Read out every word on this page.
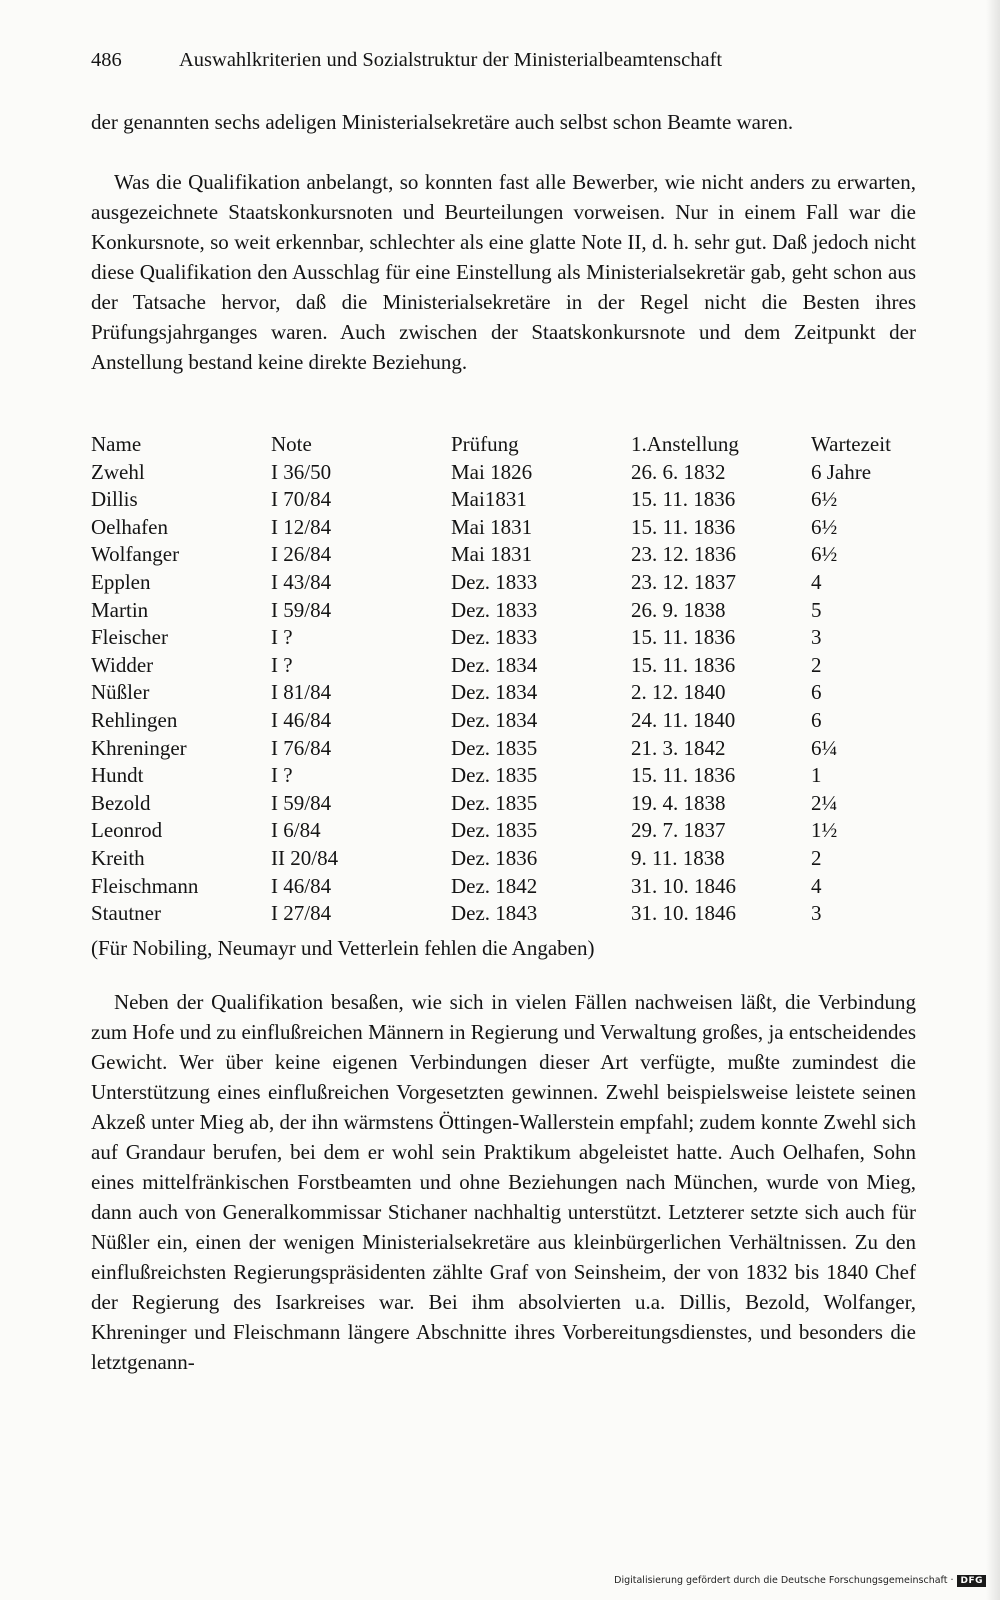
486	Auswahlkriterien und Sozialstruktur der Ministerialbeamtenschaft

der genannten sechs adeligen Ministerialsekretäre auch selbst schon Beamte waren.

Was die Qualifikation anbelangt, so konnten fast alle Bewerber, wie nicht anders zu erwarten, ausgezeichnete Staatskonkursnoten und Beurteilungen vorweisen. Nur in einem Fall war die Konkursnote, so weit erkennbar, schlechter als eine glatte Note II, d. h. sehr gut. Daß jedoch nicht diese Qualifikation den Ausschlag für eine Einstellung als Ministerialsekretär gab, geht schon aus der Tatsache hervor, daß die Ministerialsekretäre in der Regel nicht die Besten ihres Prüfungsjahrganges waren. Auch zwischen der Staatskonkursnote und dem Zeitpunkt der Anstellung bestand keine direkte Beziehung.

Name	Note	Prüfung	1.Anstellung	Wartezeit
Zwehl	I 36/50	Mai 1826	26. 6. 1832	6 Jahre
Dillis	I 70/84	Mai1831	15. 11. 1836	6½
Oelhafen	I 12/84	Mai 1831	15. 11. 1836	6½
Wolfanger	I 26/84	Mai 1831	23. 12. 1836	6½
Epplen	I 43/84	Dez. 1833	23. 12. 1837	4
Martin	I 59/84	Dez. 1833	26. 9. 1838	5
Fleischer	I ?	Dez. 1833	15. 11. 1836	3
Widder	I ?	Dez. 1834	15. 11. 1836	2
Nüßler	I 81/84	Dez. 1834	2. 12. 1840	6
Rehlingen	I 46/84	Dez. 1834	24. 11. 1840	6
Khreninger	I 76/84	Dez. 1835	21. 3. 1842	6¼
Hundt	I ?	Dez. 1835	15. 11. 1836	1
Bezold	I 59/84	Dez. 1835	19. 4. 1838	2¼
Leonrod	I 6/84	Dez. 1835	29. 7. 1837	1½
Kreith	II 20/84	Dez. 1836	9. 11. 1838	2
Fleischmann	I 46/84	Dez. 1842	31. 10. 1846	4
Stautner	I 27/84	Dez. 1843	31. 10. 1846	3
(Für Nobiling, Neumayr und Vetterlein fehlen die Angaben)

Neben der Qualifikation besaßen, wie sich in vielen Fällen nachweisen läßt, die Verbindung zum Hofe und zu einflußreichen Männern in Regierung und Verwaltung großes, ja entscheidendes Gewicht. Wer über keine eigenen Verbindungen dieser Art verfügte, mußte zumindest die Unterstützung eines einflußreichen Vorgesetzten gewinnen. Zwehl beispielsweise leistete seinen Akzeß unter Mieg ab, der ihn wärmstens Öttingen-Wallerstein empfahl; zudem konnte Zwehl sich auf Grandaur berufen, bei dem er wohl sein Praktikum abgeleistet hatte. Auch Oelhafen, Sohn eines mittelfränkischen Forstbeamten und ohne Beziehungen nach München, wurde von Mieg, dann auch von Generalkommissar Stichaner nachhaltig unterstützt. Letzterer setzte sich auch für Nüßler ein, einen der wenigen Ministerialsekretäre aus kleinbürgerlichen Verhältnissen. Zu den einflußreichsten Regierungspräsidenten zählte Graf von Seinsheim, der von 1832 bis 1840 Chef der Regierung des Isarkreises war. Bei ihm absolvierten u.a. Dillis, Bezold, Wolfanger, Khreninger und Fleischmann längere Abschnitte ihres Vorbereitungsdienstes, und besonders die letztgenann-

Digitalisierung gefördert durch die Deutsche Forschungsgemeinschaft · DFG
